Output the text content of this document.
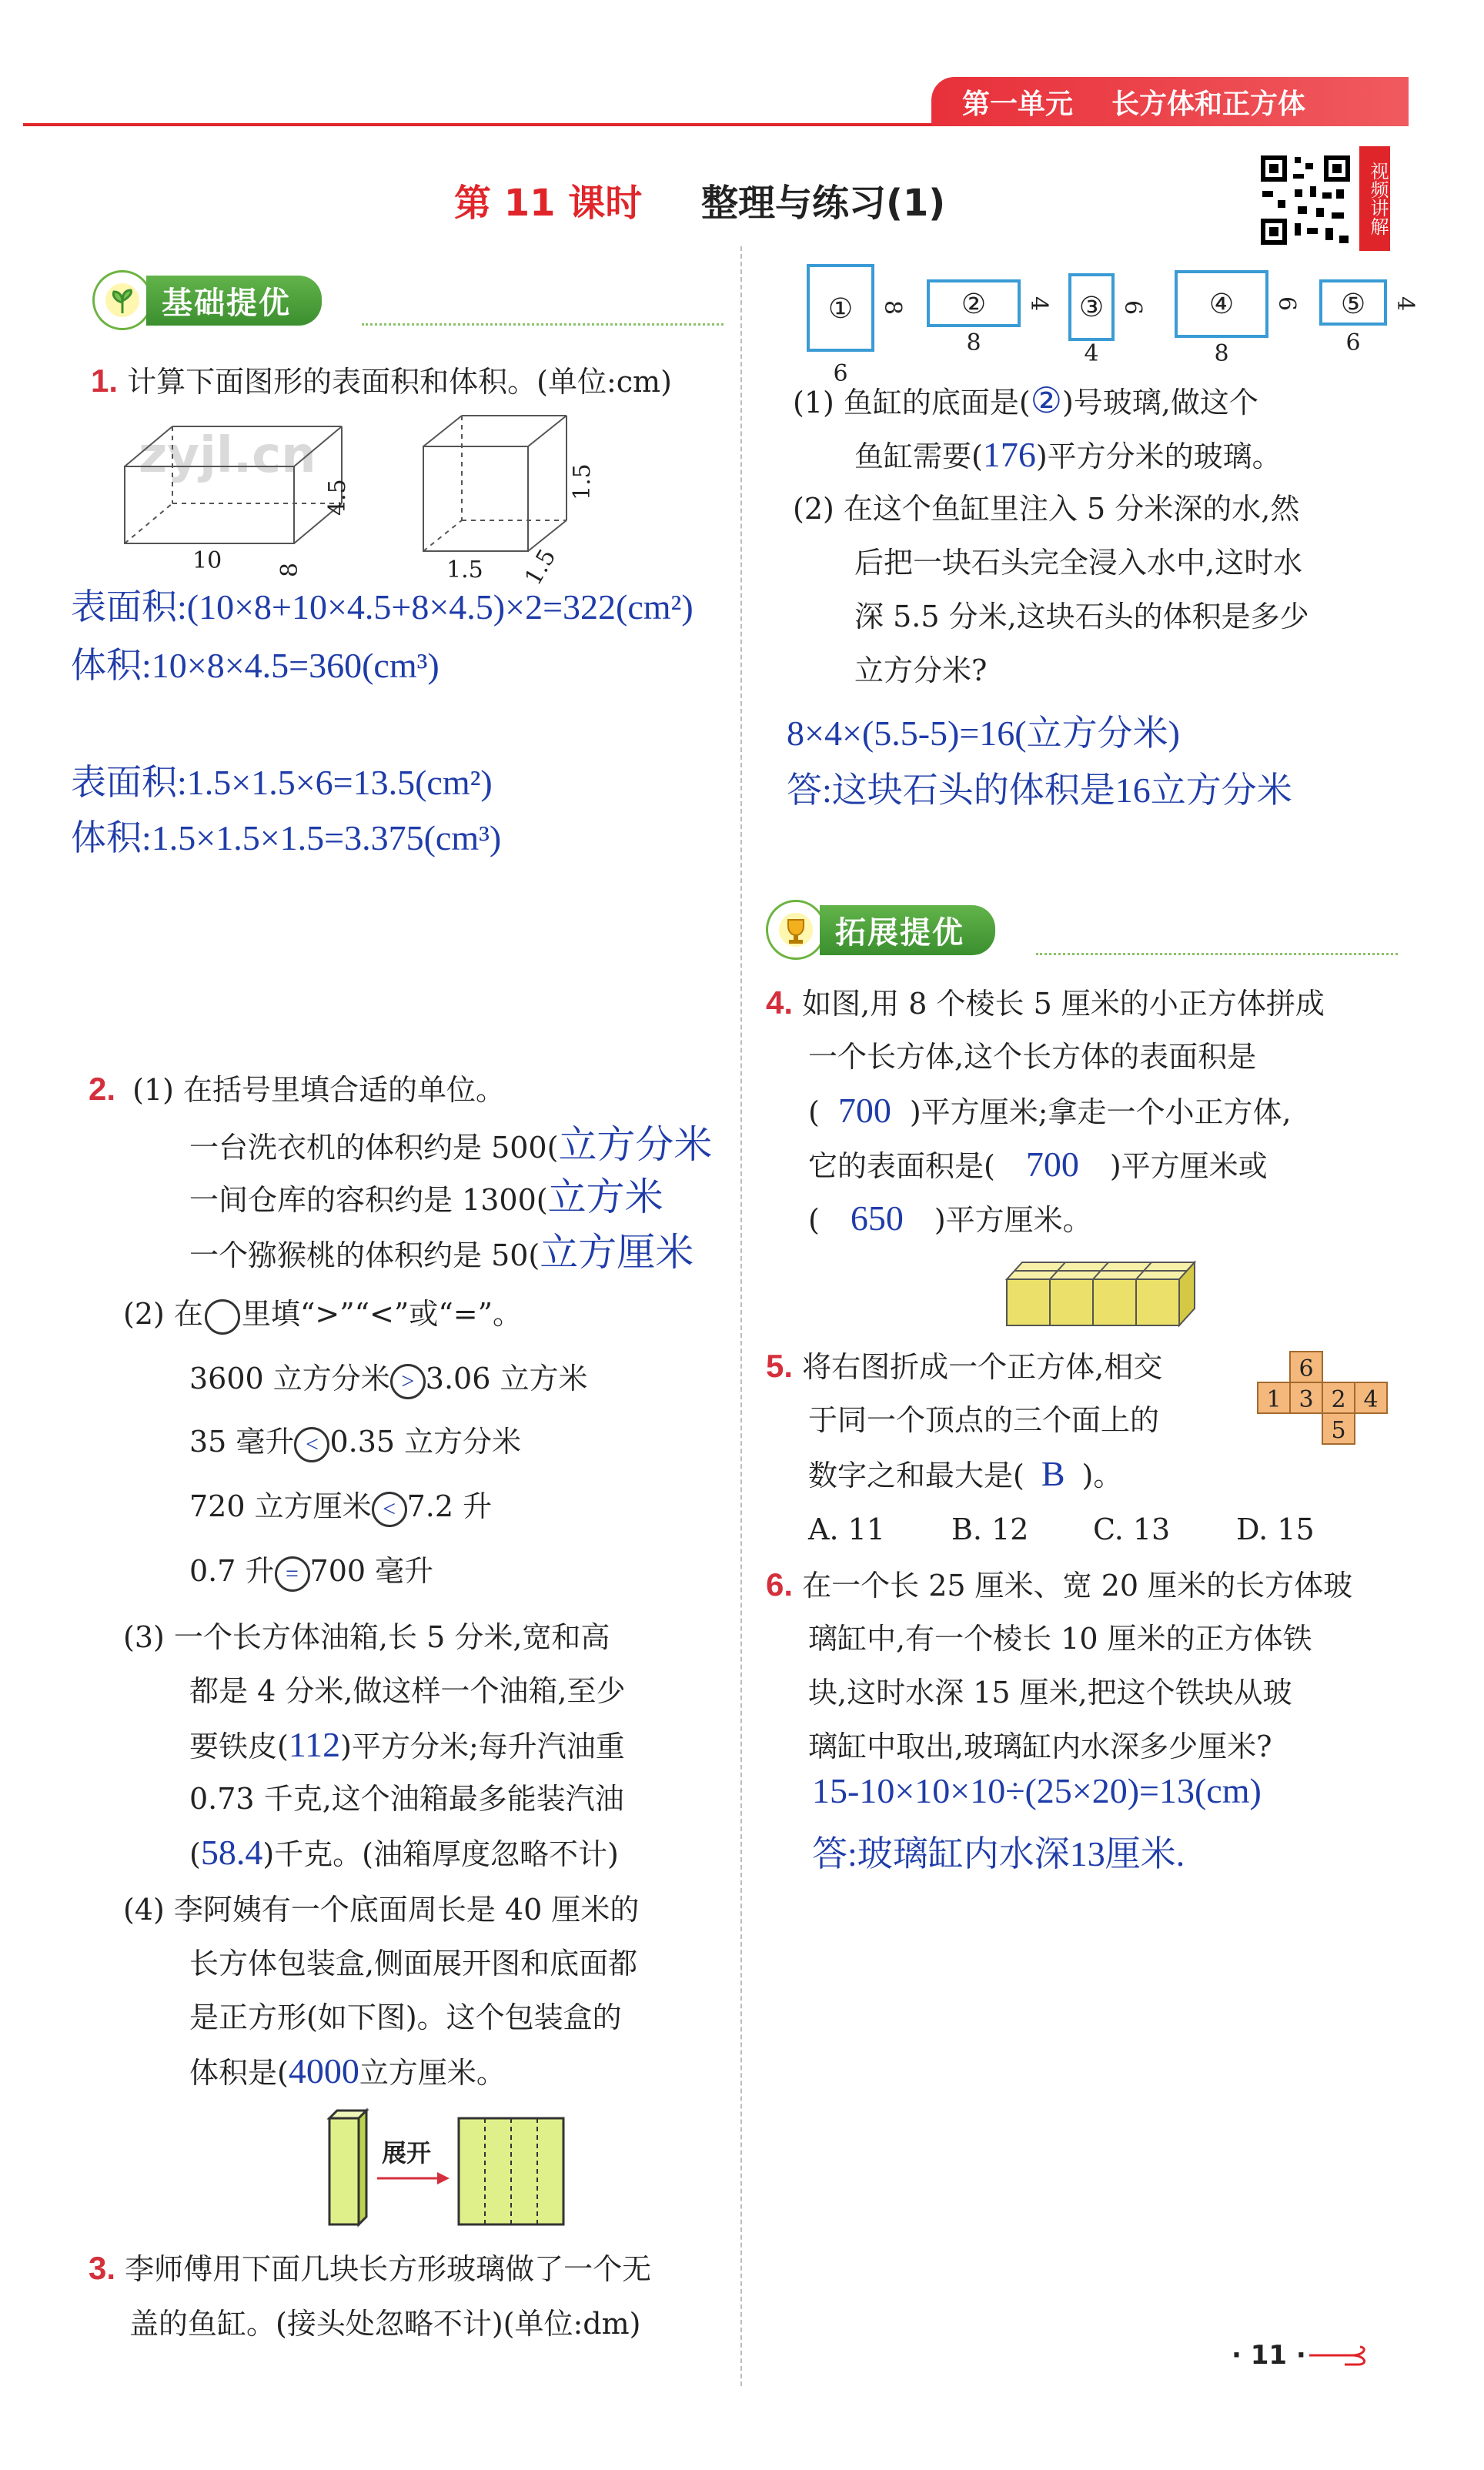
第一单元 长方体和正方体
第 11 课时 整理与练习(1)	视频讲解
zyjl.cn
基础提优
1. 计算下面图形的表面积和体积。(单位:cm)
10 8
4.5
1.5 1.5
1.5
表面积:(10×8+10×4.5+8×4.5)×2=322(cm²)
体积:10×8×4.5=360(cm³)
表面积:1.5×1.5×6=13.5(cm²)
体积:1.5×1.5×1.5=3.375(cm³)
2. (1) 在括号里填合适的单位。
一台洗衣机的体积约是 500(立方分米
一间仓库的容积约是 1300(立方米
一个猕猴桃的体积约是 50(立方厘米
(2) 在 里填“>”“<”或“=”。
3600 立方分米 > 3.06 立方米
35 毫升 < 0.35 立方分米
720 立方厘米 < 7.2 升
0.7 升 = 700 毫升
(3) 一个长方体油箱,长 5 分米,宽和高
都是 4 分米,做这样一个油箱,至少
要铁皮(112)平方分米;每升汽油重
0.73 千克,这个油箱最多能装汽油
(58.4)千克。(油箱厚度忽略不计)
(4) 李阿姨有一个底面周长是 40 厘米的
长方体包装盒,侧面展开图和底面都
是正方形(如下图)。这个包装盒的
体积是(4000立方厘米。
展开
3. 李师傅用下面几块长方形玻璃做了一个无
盖的鱼缸。(接头处忽略不计)(单位:dm)
①
6
8 ②
8
4 ③
4
6 ④
8
6 ⑤
6
4
(1) 鱼缸的底面是(②)号玻璃,做这个
鱼缸需要(176)平方分米的玻璃。
(2) 在这个鱼缸里注入 5 分米深的水,然
后把一块石头完全浸入水中,这时水
深 5.5 分米,这块石头的体积是多少
立方分米?
8×4×(5.5-5)=16(立方分米)
答:这块石头的体积是16立方分米
拓展提优
4. 如图,用 8 个棱长 5 厘米的小正方体拼成
一个长方体,这个长方体的表面积是
( 700 )平方厘米;拿走一个小正方体,
它的表面积是( 700 )平方厘米或
( 650 )平方厘米。
5. 将右图折成一个正方体,相交
于同一个顶点的三个面上的
数字之和最大是( B )。
A. 11	B. 12	C. 13	D. 15
6
1 3 2 4
5
6. 在一个长 25 厘米、宽 20 厘米的长方体玻
璃缸中,有一个棱长 10 厘米的正方体铁
块,这时水深 15 厘米,把这个铁块从玻
璃缸中取出,玻璃缸内水深多少厘米?
15-10×10×10÷(25×20)=13(cm)
答:玻璃缸内水深13厘米.
· 11 ·
